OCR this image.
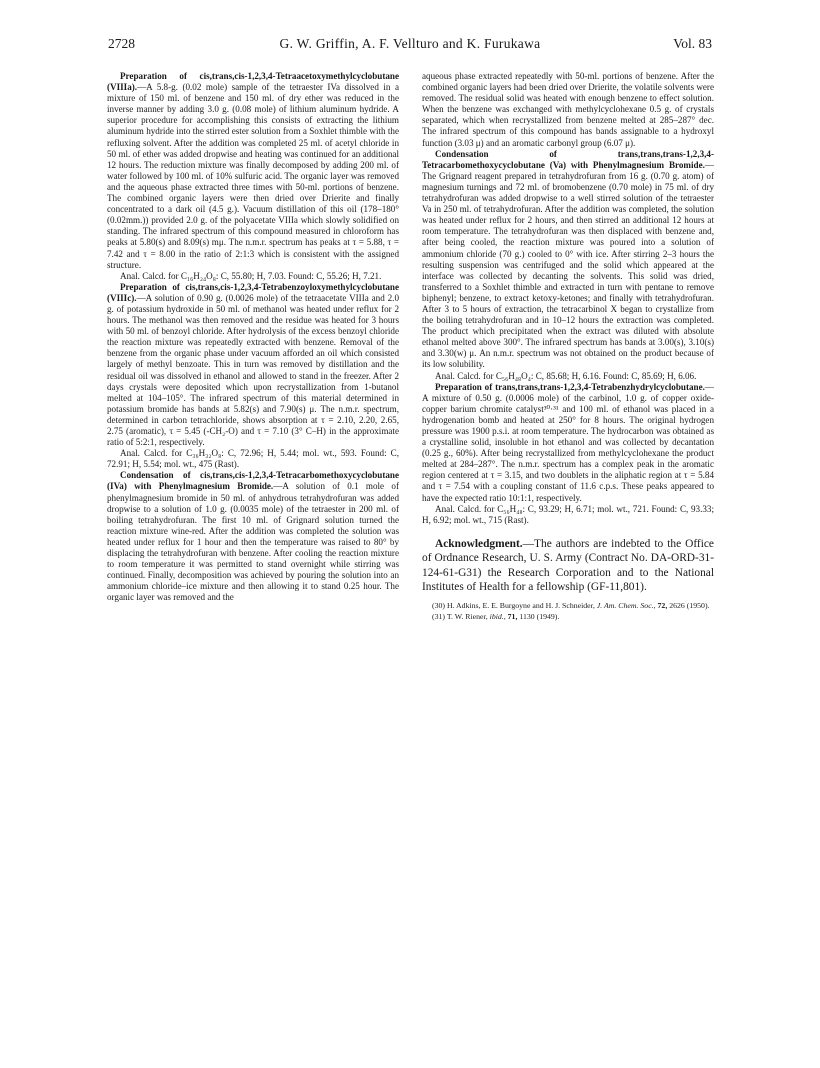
2728	G. W. Griffin, A. F. Vellturo and K. Furukawa	Vol. 83

Preparation of cis,trans,cis-1,2,3,4-Tetraacetoxymethylcyclobutane (VIIIa).—A 5.8-g. (0.02 mole) sample of the tetraester IVa dissolved in a mixture of 150 ml. of benzene and 150 ml. of dry ether was reduced in the inverse manner by adding 3.0 g. (0.08 mole) of lithium aluminum hydride. A superior procedure for accomplishing this consists of extracting the lithium aluminum hydride into the stirred ester solution from a Soxhlet thimble with the refluxing solvent. After the addition was completed 25 ml. of acetyl chloride in 50 ml. of ether was added dropwise and heating was continued for an additional 12 hours. The reduction mixture was finally decomposed by adding 200 ml. of water followed by 100 ml. of 10% sulfuric acid. The organic layer was removed and the aqueous phase extracted three times with 50-ml. portions of benzene. The combined organic layers were then dried over Drierite and finally concentrated to a dark oil (4.5 g.). Vacuum distillation of this oil (178–180° (0.02mm.)) provided 2.0 g. of the polyacetate VIIIa which slowly solidified on standing. The infrared spectrum of this compound measured in chloroform has peaks at 5.80(s) and 8.09(s) mμ. The n.m.r. spectrum has peaks at τ = 5.88, τ = 7.42 and τ = 8.00 in the ratio of 2:1:3 which is consistent with the assigned structure.

Anal. Calcd. for C₁₆H₂₄O₈: C, 55.80; H, 7.03. Found: C, 55.26; H, 7.21.

Preparation of cis,trans,cis-1,2,3,4-Tetrabenzoyloxymethylcyclobutane (VIIIc).—A solution of 0.90 g. (0.0026 mole) of the tetraacetate VIIIa and 2.0 g. of potassium hydroxide in 50 ml. of methanol was heated under reflux for 2 hours. The methanol was then removed and the residue was heated for 3 hours with 50 ml. of benzoyl chloride. After hydrolysis of the excess benzoyl chloride the reaction mixture was repeatedly extracted with benzene. Removal of the benzene from the organic phase under vacuum afforded an oil which consisted largely of methyl benzoate. This in turn was removed by distillation and the residual oil was dissolved in ethanol and allowed to stand in the freezer. After 2 days crystals were deposited which upon recrystallization from 1-butanol melted at 104–105°. The infrared spectrum of this material determined in potassium bromide has bands at 5.82(s) and 7.90(s) μ. The n.m.r. spectrum, determined in carbon tetrachloride, shows absorption at τ = 2.10, 2.20, 2.65, 2.75 (aromatic), τ = 5.45 (-CH₂-O) and τ = 7.10 (3° C–H) in the approximate ratio of 5:2:1, respectively.

Anal. Calcd. for C₃₆H₃₂O₈: C, 72.96; H, 5.44; mol. wt., 593. Found: C, 72.91; H, 5.54; mol. wt., 475 (Rast).

Condensation of cis,trans,cis-1,2,3,4-Tetracarbomethoxycyclobutane (IVa) with Phenylmagnesium Bromide.—A solution of 0.1 mole of phenylmagnesium bromide in 50 ml. of anhydrous tetrahydrofuran was added dropwise to a solution of 1.0 g. (0.0035 mole) of the tetraester in 200 ml. of boiling tetrahydrofuran. The first 10 ml. of Grignard solution turned the reaction mixture wine-red. After the addition was completed the solution was heated under reflux for 1 hour and then the temperature was raised to 80° by displacing the tetrahydrofuran with benzene. After cooling the reaction mixture to room temperature it was permitted to stand overnight while stirring was continued. Finally, decomposition was achieved by pouring the solution into an ammonium chloride–ice mixture and then allowing it to stand 0.25 hour. The organic layer was removed and the

aqueous phase extracted repeatedly with 50-ml. portions of benzene. After the combined organic layers had been dried over Drierite, the volatile solvents were removed. The residual solid was heated with enough benzene to effect solution. When the benzene was exchanged with methylcyclohexane 0.5 g. of crystals separated, which when recrystallized from benzene melted at 285–287° dec. The infrared spectrum of this compound has bands assignable to a hydroxyl function (3.03 μ) and an aromatic carbonyl group (6.07 μ).

Condensation of trans,trans,trans-1,2,3,4-Tetracarbomethoxycyclobutane (Va) with Phenylmagnesium Bromide.—The Grignard reagent prepared in tetrahydrofuran from 16 g. (0.70 g. atom) of magnesium turnings and 72 ml. of bromobenzene (0.70 mole) in 75 ml. of dry tetrahydrofuran was added dropwise to a well stirred solution of the tetraester Va in 250 ml. of tetrahydrofuran. After the addition was completed, the solution was heated under reflux for 2 hours, and then stirred an additional 12 hours at room temperature. The tetrahydrofuran was then displaced with benzene and, after being cooled, the reaction mixture was poured into a solution of ammonium chloride (70 g.) cooled to 0° with ice. After stirring 2–3 hours the resulting suspension was centrifuged and the solid which appeared at the interface was collected by decanting the solvents. This solid was dried, transferred to a Soxhlet thimble and extracted in turn with pentane to remove biphenyl; benzene, to extract ketoxy-ketones; and finally with tetrahydrofuran. After 3 to 5 hours of extraction, the tetracarbinol X began to crystallize from the boiling tetrahydrofuran and in 10–12 hours the extraction was completed. The product which precipitated when the extract was diluted with absolute ethanol melted above 300°. The infrared spectrum has bands at 3.00(s), 3.10(s) and 3.30(w) μ. An n.m.r. spectrum was not obtained on the product because of its low solubility.

Anal. Calcd. for C₅₆H₄₈O₄: C, 85.68; H, 6.16. Found: C, 85.69; H, 6.06.

Preparation of trans,trans,trans-1,2,3,4-Tetrabenzhydrylcyclobutane.—A mixture of 0.50 g. (0.0006 mole) of the carbinol, 1.0 g. of copper oxide-copper barium chromite catalyst³⁰·³¹ and 100 ml. of ethanol was placed in a hydrogenation bomb and heated at 250° for 8 hours. The original hydrogen pressure was 1900 p.s.i. at room temperature. The hydrocarbon was obtained as a crystalline solid, insoluble in hot ethanol and was collected by decantation (0.25 g., 60%). After being recrystallized from methylcyclohexane the product melted at 284–287°. The n.m.r. spectrum has a complex peak in the aromatic region centered at τ = 3.15, and two doublets in the aliphatic region at τ = 5.84 and τ = 7.54 with a coupling constant of 11.6 c.p.s. These peaks appeared to have the expected ratio 10:1:1, respectively.

Anal. Calcd. for C₅₆H₄₈: C, 93.29; H, 6.71; mol. wt., 721. Found: C, 93.33; H, 6.92; mol. wt., 715 (Rast).

Acknowledgment.—The authors are indebted to the Office of Ordnance Research, U. S. Army (Contract No. DA-ORD-31-124-61-G31) the Research Corporation and to the National Institutes of Health for a fellowship (GF-11,801).

(30) H. Adkins, E. E. Burgoyne and H. J. Schneider, J. Am. Chem. Soc., 72, 2626 (1950).
(31) T. W. Riener, ibid., 71, 1130 (1949).
